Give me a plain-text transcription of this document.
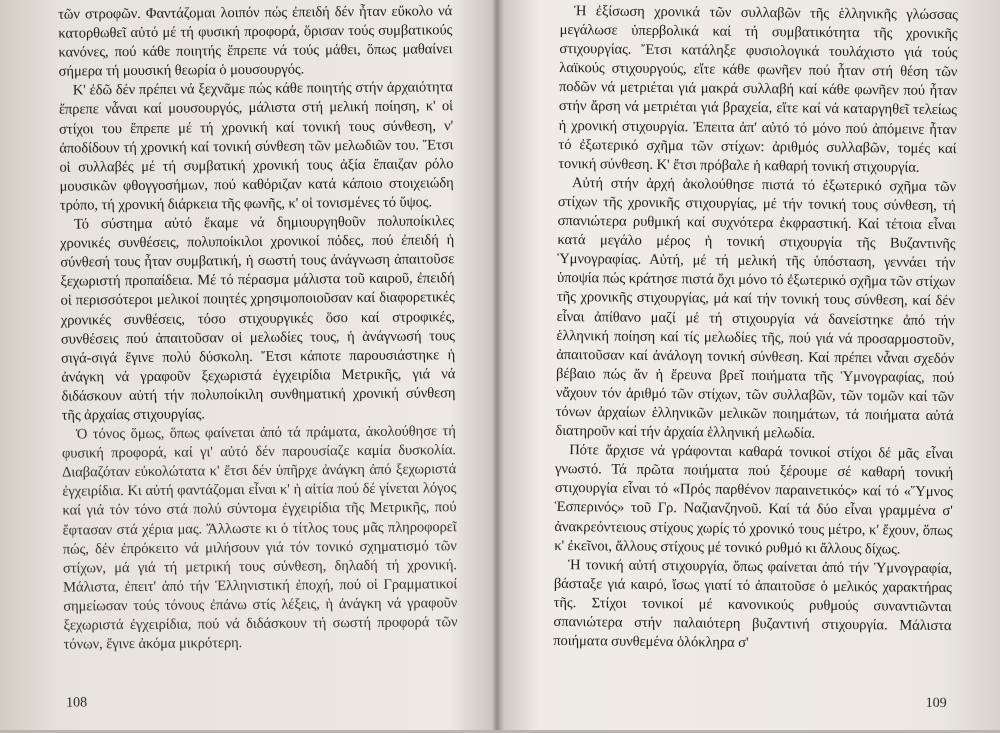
τῶν στροφῶν. Φαντάζομαι λοιπόν πώς ἐπειδή δέν ἦταν εὔκολο νά κατορθωθεῖ αὐτό μέ τή φυσική προφορά, ὅρισαν τούς συμβατικούς κανόνες, πού κάθε ποιητής ἔπρεπε νά τούς μάθει, ὅπως μαθαίνει σήμερα τή μουσική θεωρία ὁ μουσουργός.

Κ' ἐδῶ δέν πρέπει νά ξεχνᾶμε πώς κάθε ποιητής στήν ἀρχαιότητα ἔπρεπε νἆναι καί μουσουργός, μάλιστα στή μελική ποίηση, κ' οἱ στίχοι του ἔπρεπε μέ τή χρονική καί τονική τους σύνθεση, ν' ἀποδίδουν τή χρονική καί τονική σύνθεση τῶν μελωδιῶν του. Ἔτσι οἱ συλλαβές μέ τή συμβατική χρονική τους ἀξία ἔπαιζαν ρόλο μουσικῶν φθογγοσήμων, πού καθόριζαν κατά κάποιο στοιχειώδη τρόπο, τή χρονική διάρκεια τῆς φωνῆς, κ' οἱ τονισμένες τό ὕψος.

Τό σύστημα αὐτό ἔκαμε νά δημιουργηθοῦν πολυποίκιλες χρονικές συνθέσεις, πολυποίκιλοι χρονικοί πόδες, πού ἐπειδή ἡ σύνθεσή τους ἦταν συμβατική, ἡ σωστή τους ἀνάγνωση ἀπαιτοῦσε ξεχωριστή προπαίδεια. Μέ τό πέρασμα μάλιστα τοῦ καιροῦ, ἐπειδή οἱ περισσότεροι μελικοί ποιητές χρησιμοποιοῦσαν καί διαφορετικές χρονικές συνθέσεις, τόσο στιχουργικές ὅσο καί στροφικές, συνθέσεις πού ἀπαιτοῦσαν οἱ μελωδίες τους, ἡ ἀνάγνωσή τους σιγά-σιγά ἔγινε πολύ δύσκολη. Ἔτσι κάποτε παρουσιάστηκε ἡ ἀνάγκη νά γραφοῦν ξεχωριστά ἐγχειρίδια Μετρικῆς, γιά νά διδάσκουν αὐτή τήν πολυποίκιλη συνθηματική χρονική σύνθεση τῆς ἀρχαίας στιχουργίας.

Ὁ τόνος ὅμως, ὅπως φαίνεται ἀπό τά πράματα, ἀκολούθησε τή φυσική προφορά, καί γι' αὐτό δέν παρουσίαζε καμία δυσκολία. Διαβαζόταν εὐκολώτατα κ' ἔτσι δέν ὑπῆρχε ἀνάγκη ἀπό ξεχωριστά ἐγχειρίδια. Κι αὐτή φαντάζομαι εἶναι κ' ἡ αἰτία πού δέ γίνεται λόγος καί γιά τόν τόνο στά πολύ σύντομα ἐγχειρίδια τῆς Μετρικῆς, πού ἔφτασαν στά χέρια μας. Ἄλλωστε κι ὁ τίτλος τους μᾶς πληροφορεῖ πώς, δέν ἐπρόκειτο νά μιλήσουν γιά τόν τονικό σχηματισμό τῶν στίχων, μά γιά τή μετρική τους σύνθεση, δηλαδή τή χρονική. Μάλιστα, ἐπειτ' ἀπό τήν Ἑλληνιστική ἐποχή, πού οἱ Γραμματικοί σημείωσαν τούς τόνους ἐπάνω στίς λέξεις, ἡ ἀνάγκη νά γραφοῦν ξεχωριστά ἐγχειρίδια, πού νά διδάσκουν τή σωστή προφορά τῶν τόνων, ἔγινε ἀκόμα μικρότερη.

108

Ἡ ἐξίσωση χρονικά τῶν συλλαβῶν τῆς ἑλληνικῆς γλώσσας μεγάλωσε ὑπερβολικά καί τή συμβατικότητα τῆς χρονικῆς στιχουργίας. Ἔτσι κατάληξε φυσιολογικά τουλάχιστο γιά τούς λαϊκούς στιχουργούς, εἴτε κάθε φωνῆεν πού ἦταν στή θέση τῶν ποδῶν νά μετριέται γιά μακρά συλλαβή καί κάθε φωνῆεν πού ἦταν στήν ἄρση νά μετριέται γιά βραχεία, εἴτε καί νά καταργηθεῖ τελείως ἡ χρονική στιχουργία. Ἐπειτα ἀπ' αὐτό τό μόνο πού ἀπόμεινε ἦταν τό ἐξωτερικό σχῆμα τῶν στίχων: ἀριθμός συλλαβῶν, τομές καί τονική σύνθεση. Κ' ἔτσι πρόβαλε ἡ καθαρή τονική στιχουργία.

Αὐτή στήν ἀρχή ἀκολούθησε πιστά τό ἐξωτερικό σχῆμα τῶν στίχων τῆς χρονικῆς στιχουργίας, μέ τήν τονική τους σύνθεση, τή σπανιώτερα ρυθμική καί συχνότερα ἐκφραστική. Καί τέτοια εἶναι κατά μεγάλο μέρος ἡ τονική στιχουργία τῆς Βυζαντινῆς Ὑμνογραφίας. Αὐτή, μέ τή μελική τῆς ὑπόσταση, γεννάει τήν ὑποψία πώς κράτησε πιστά ὄχι μόνο τό ἐξωτερικό σχῆμα τῶν στίχων τῆς χρονικῆς στιχουργίας, μά καί τήν τονική τους σύνθεση, καί δέν εἶναι ἀπίθανο μαζί μέ τή στιχουργία νά δανείστηκε ἀπό τήν ἑλληνική ποίηση καί τίς μελωδίες τῆς, πού γιά νά προσαρμοστοῦν, ἀπαιτοῦσαν καί ἀνάλογη τονική σύνθεση. Καί πρέπει νἆναι σχεδόν βέβαιο πώς ἄν ἡ ἔρευνα βρεῖ ποιήματα τῆς Ὑμνογραφίας, πού νἄχουν τόν ἀριθμό τῶν στίχων, τῶν συλλαβῶν, τῶν τομῶν καί τῶν τόνων ἀρχαίων ἑλληνικῶν μελικῶν ποιημάτων, τά ποιήματα αὐτά διατηροῦν καί τήν ἀρχαία ἑλληνική μελωδία.

Πότε ἄρχισε νά γράφονται καθαρά τονικοί στίχοι δέ μᾶς εἶναι γνωστό. Τά πρῶτα ποιήματα πού ξέρουμε σέ καθαρή τονική στιχουργία εἶναι τό «Πρός παρθένον παραινετικός» καί τό «Ὕμνος Ἑσπερινός» τοῦ Γρ. Ναζιανζηνοῦ. Καί τά δύο εἶναι γραμμένα σ' ἀνακρεόντειους στίχους χωρίς τό χρονικό τους μέτρο, κ' ἔχουν, ὅπως κ' ἐκεῖνοι, ἄλλους στίχους μέ τονικό ρυθμό κι ἄλλους δίχως.

Ἡ τονική αὐτή στιχουργία, ὅπως φαίνεται ἀπό τήν Ὑμνογραφία, βάσταξε γιά καιρό, ἴσως γιατί τό ἀπαιτοῦσε ὁ μελικός χαρακτήρας τῆς. Στίχοι τονικοί μέ κανονικούς ρυθμούς συναντιῶνται σπανιώτερα στήν παλαιότερη βυζαντινή στιχουργία. Μάλιστα ποιήματα συνθεμένα ὁλόκληρα σ'

109
